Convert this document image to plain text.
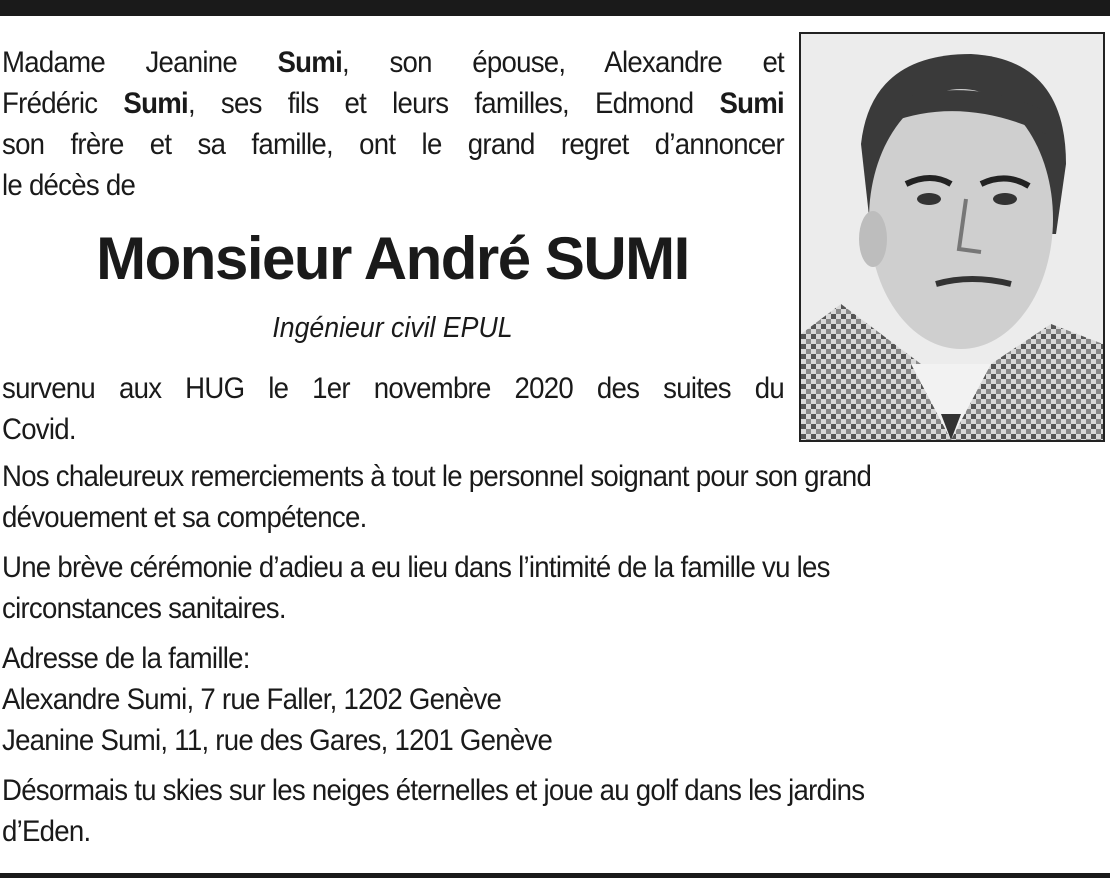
Madame Jeanine Sumi, son épouse, Alexandre et
Frédéric Sumi, ses fils et leurs familles, Edmond Sumi
son frère et sa famille, ont le grand regret d’annoncer
le décès de
Monsieur André SUMI
Ingénieur civil EPUL
survenu aux HUG le 1er novembre 2020 des suites du
Covid.
Nos chaleureux remerciements à tout le personnel soignant pour son grand
dévouement et sa compétence.
Une brève cérémonie d’adieu a eu lieu dans l’intimité de la famille vu les
circonstances sanitaires.
Adresse de la famille:
Alexandre Sumi, 7 rue Faller, 1202 Genève
Jeanine Sumi, 11, rue des Gares, 1201 Genève
Désormais tu skies sur les neiges éternelles et joue au golf dans les jardins
d’Eden.
